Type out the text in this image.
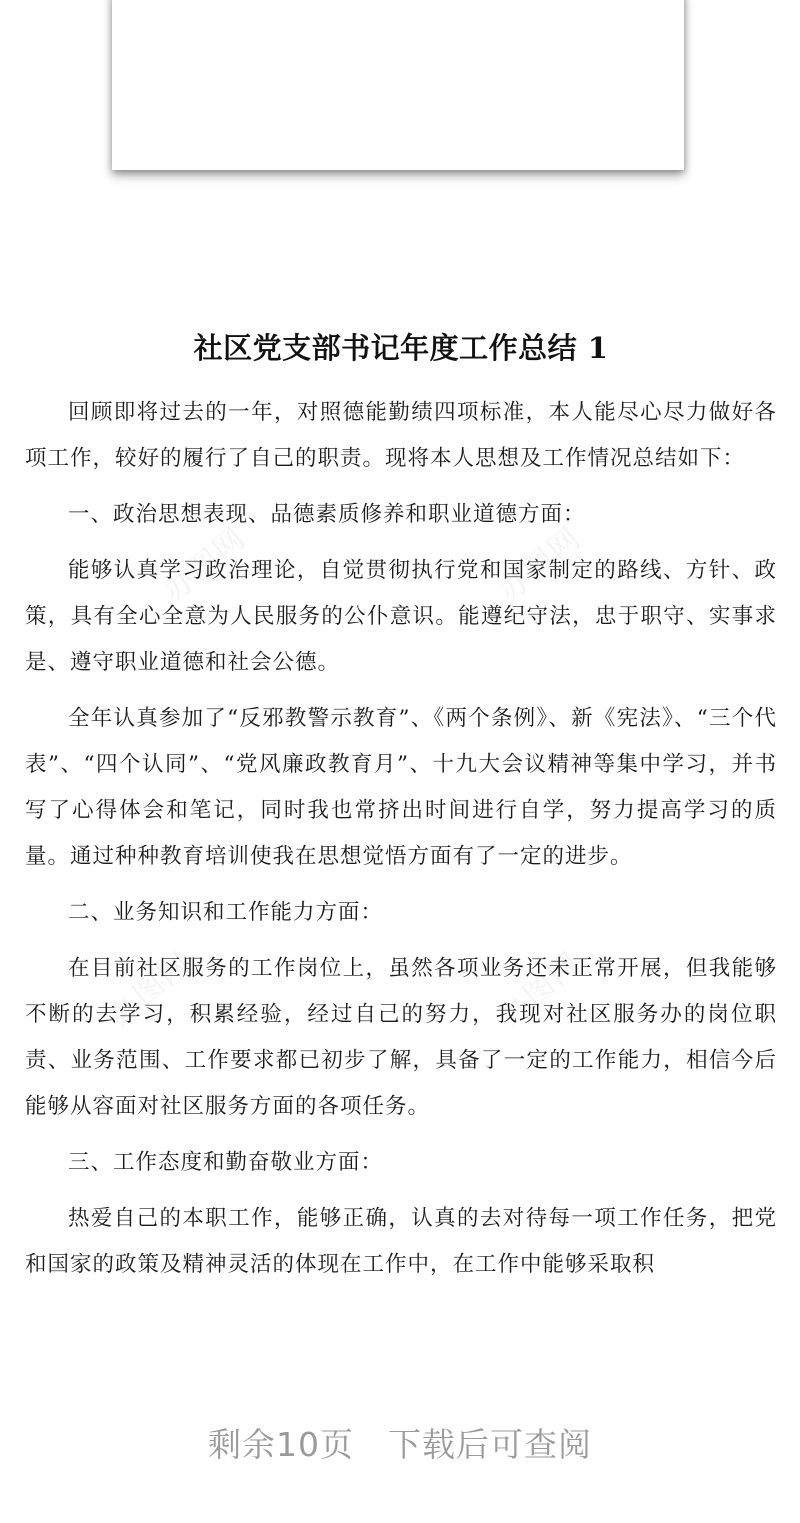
办图网	办图网
办图网	办图网
社区党支部书记年度工作总结 1

回顾即将过去的一年，对照德能勤绩四项标准，本人能尽心尽力做好各项工作，较好的履行了自己的职责。现将本人思想及工作情况总结如下：

一、政治思想表现、品德素质修养和职业道德方面：

能够认真学习政治理论，自觉贯彻执行党和国家制定的路线、方针、政策，具有全心全意为人民服务的公仆意识。能遵纪守法，忠于职守、实事求是、遵守职业道德和社会公德。

全年认真参加了“反邪教警示教育”、《两个条例》、新《宪法》、“三个代表”、“四个认同”、“党风廉政教育月”、十九大会议精神等集中学习，并书写了心得体会和笔记，同时我也常挤出时间进行自学，努力提高学习的质量。通过种种教育培训使我在思想觉悟方面有了一定的进步。

二、业务知识和工作能力方面：

在目前社区服务的工作岗位上，虽然各项业务还未正常开展，但我能够不断的去学习，积累经验，经过自己的努力，我现对社区服务办的岗位职责、业务范围、工作要求都已初步了解，具备了一定的工作能力，相信今后能够从容面对社区服务方面的各项任务。

三、工作态度和勤奋敬业方面：

热爱自己的本职工作，能够正确，认真的去对待每一项工作任务，把党和国家的政策及精神灵活的体现在工作中，在工作中能够采取积

剩余10页 下载后可查阅
